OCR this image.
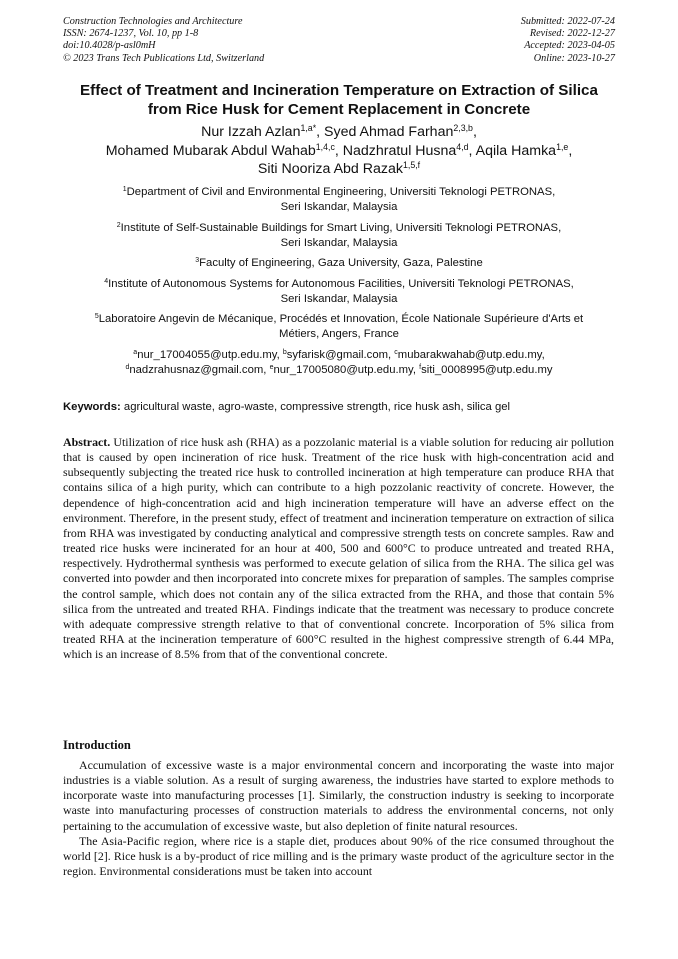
Construction Technologies and Architecture
ISSN: 2674-1237, Vol. 10, pp 1-8
doi:10.4028/p-asl0mH
© 2023 Trans Tech Publications Ltd, Switzerland
Submitted: 2022-07-24
Revised: 2022-12-27
Accepted: 2023-04-05
Online: 2023-10-27
Effect of Treatment and Incineration Temperature on Extraction of Silica
from Rice Husk for Cement Replacement in Concrete
Nur Izzah Azlan$^{1,a*}$, Syed Ahmad Farhan$^{2,3,b}$,
Mohamed Mubarak Abdul Wahab$^{1,4,c}$, Nadzhratul Husna$^{4,d}$, Aqila Hamka$^{1,e}$,
Siti Nooriza Abd Razak$^{1,5,f}$
$^1$Department of Civil and Environmental Engineering, Universiti Teknologi PETRONAS,
Seri Iskandar, Malaysia
$^2$Institute of Self-Sustainable Buildings for Smart Living, Universiti Teknologi PETRONAS,
Seri Iskandar, Malaysia
$^3$Faculty of Engineering, Gaza University, Gaza, Palestine
$^4$Institute of Autonomous Systems for Autonomous Facilities, Universiti Teknologi PETRONAS,
Seri Iskandar, Malaysia
$^5$Laboratoire Angevin de Mécanique, Procédés et Innovation, École Nationale Supérieure d'Arts et
Métiers, Angers, France
$^a$nur_17004055@utp.edu.my, $^b$syfarisk@gmail.com, $^c$mubarakwahab@utp.edu.my,
$^d$nadzrahusnaz@gmail.com, $^e$nur_17005080@utp.edu.my, $^f$siti_0008995@utp.edu.my
Keywords: agricultural waste, agro-waste, compressive strength, rice husk ash, silica gel
Abstract. Utilization of rice husk ash (RHA) as a pozzolanic material is a viable solution for reducing air pollution that is caused by open incineration of rice husk. Treatment of the rice husk with high-concentration acid and subsequently subjecting the treated rice husk to controlled incineration at high temperature can produce RHA that contains silica of a high purity, which can contribute to a high pozzolanic reactivity of concrete. However, the dependence of high-concentration acid and high incineration temperature will have an adverse effect on the environment. Therefore, in the present study, effect of treatment and incineration temperature on extraction of silica from RHA was investigated by conducting analytical and compressive strength tests on concrete samples. Raw and treated rice husks were incinerated for an hour at 400, 500 and 600°C to produce untreated and treated RHA, respectively. Hydrothermal synthesis was performed to execute gelation of silica from the RHA. The silica gel was converted into powder and then incorporated into concrete mixes for preparation of samples. The samples comprise the control sample, which does not contain any of the silica extracted from the RHA, and those that contain 5% silica from the untreated and treated RHA. Findings indicate that the treatment was necessary to produce concrete with adequate compressive strength relative to that of conventional concrete. Incorporation of 5% silica from treated RHA at the incineration temperature of 600°C resulted in the highest compressive strength of 6.44 MPa, which is an increase of 8.5% from that of the conventional concrete.
Introduction

Accumulation of excessive waste is a major environmental concern and incorporating the waste into major industries is a viable solution. As a result of surging awareness, the industries have started to explore methods to incorporate waste into manufacturing processes [1]. Similarly, the construction industry is seeking to incorporate waste into manufacturing processes of construction materials to address the environmental concerns, not only pertaining to the accumulation of excessive waste, but also depletion of finite natural resources.

The Asia-Pacific region, where rice is a staple diet, produces about 90% of the rice consumed throughout the world [2]. Rice husk is a by-product of rice milling and is the primary waste product of the agriculture sector in the region. Environmental considerations must be taken into account
